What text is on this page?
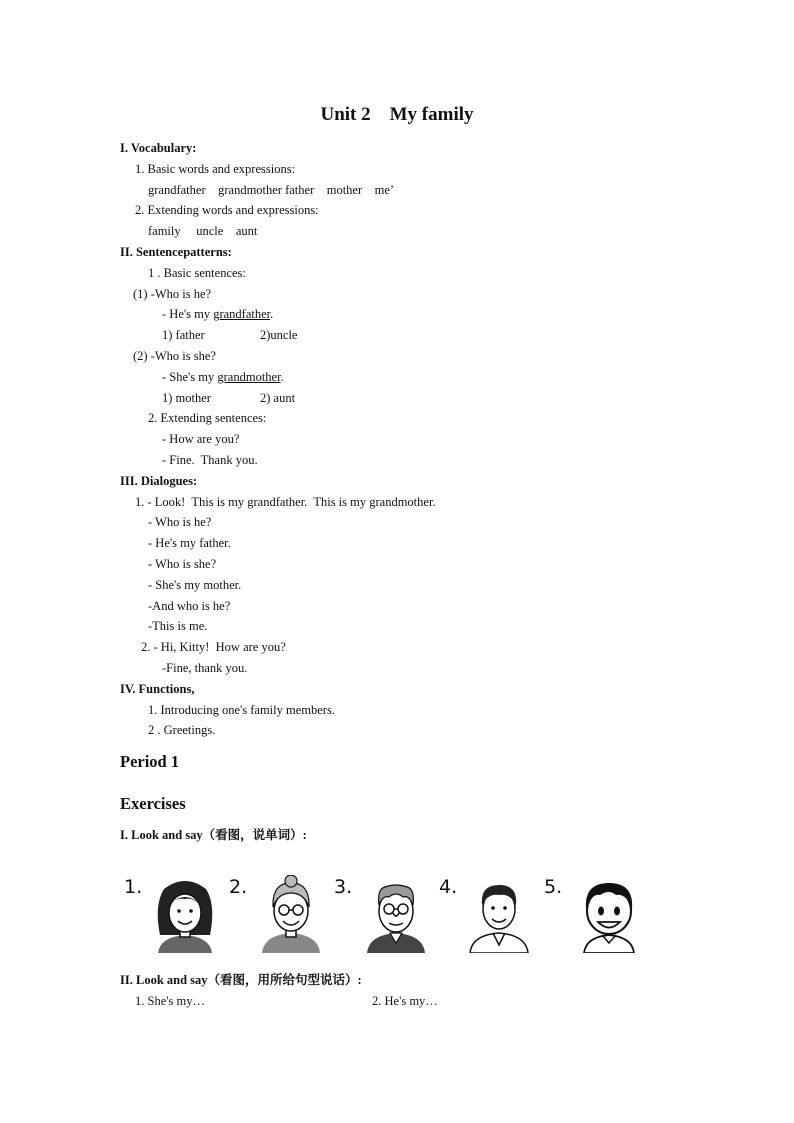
Unit 2    My family
I. Vocabulary:
1. Basic words and expressions:
grandfather    grandmother father    mother    me’
2. Extending words and expressions:
family     uncle    aunt
II. Sentencepatterns:
1 . Basic sentences:
(1) -Who is he?
- He's my grandfather.
1) father	2)uncle
(2) -Who is she?
- She's my grandmother.
1) mother	2) aunt
2. Extending sentences:
- How are you?
- Fine.  Thank you.
III. Dialogues:
1. - Look!  This is my grandfather.  This is my grandmother.
- Who is he?
- He's my father.
- Who is she?
- She's my mother.
-And who is he?
-This is me.
2. - Hi, Kitty!  How are you?
-Fine, thank you.
IV. Functions,
1. Introducing one's family members.
2 . Greetings.
Period 1
Exercises
I. Look and say（看图，说单词）:
1.	2.	3.	4.	5.
II. Look and say（看图，用所给句型说话）:
1. She's my…	2. He's my…
